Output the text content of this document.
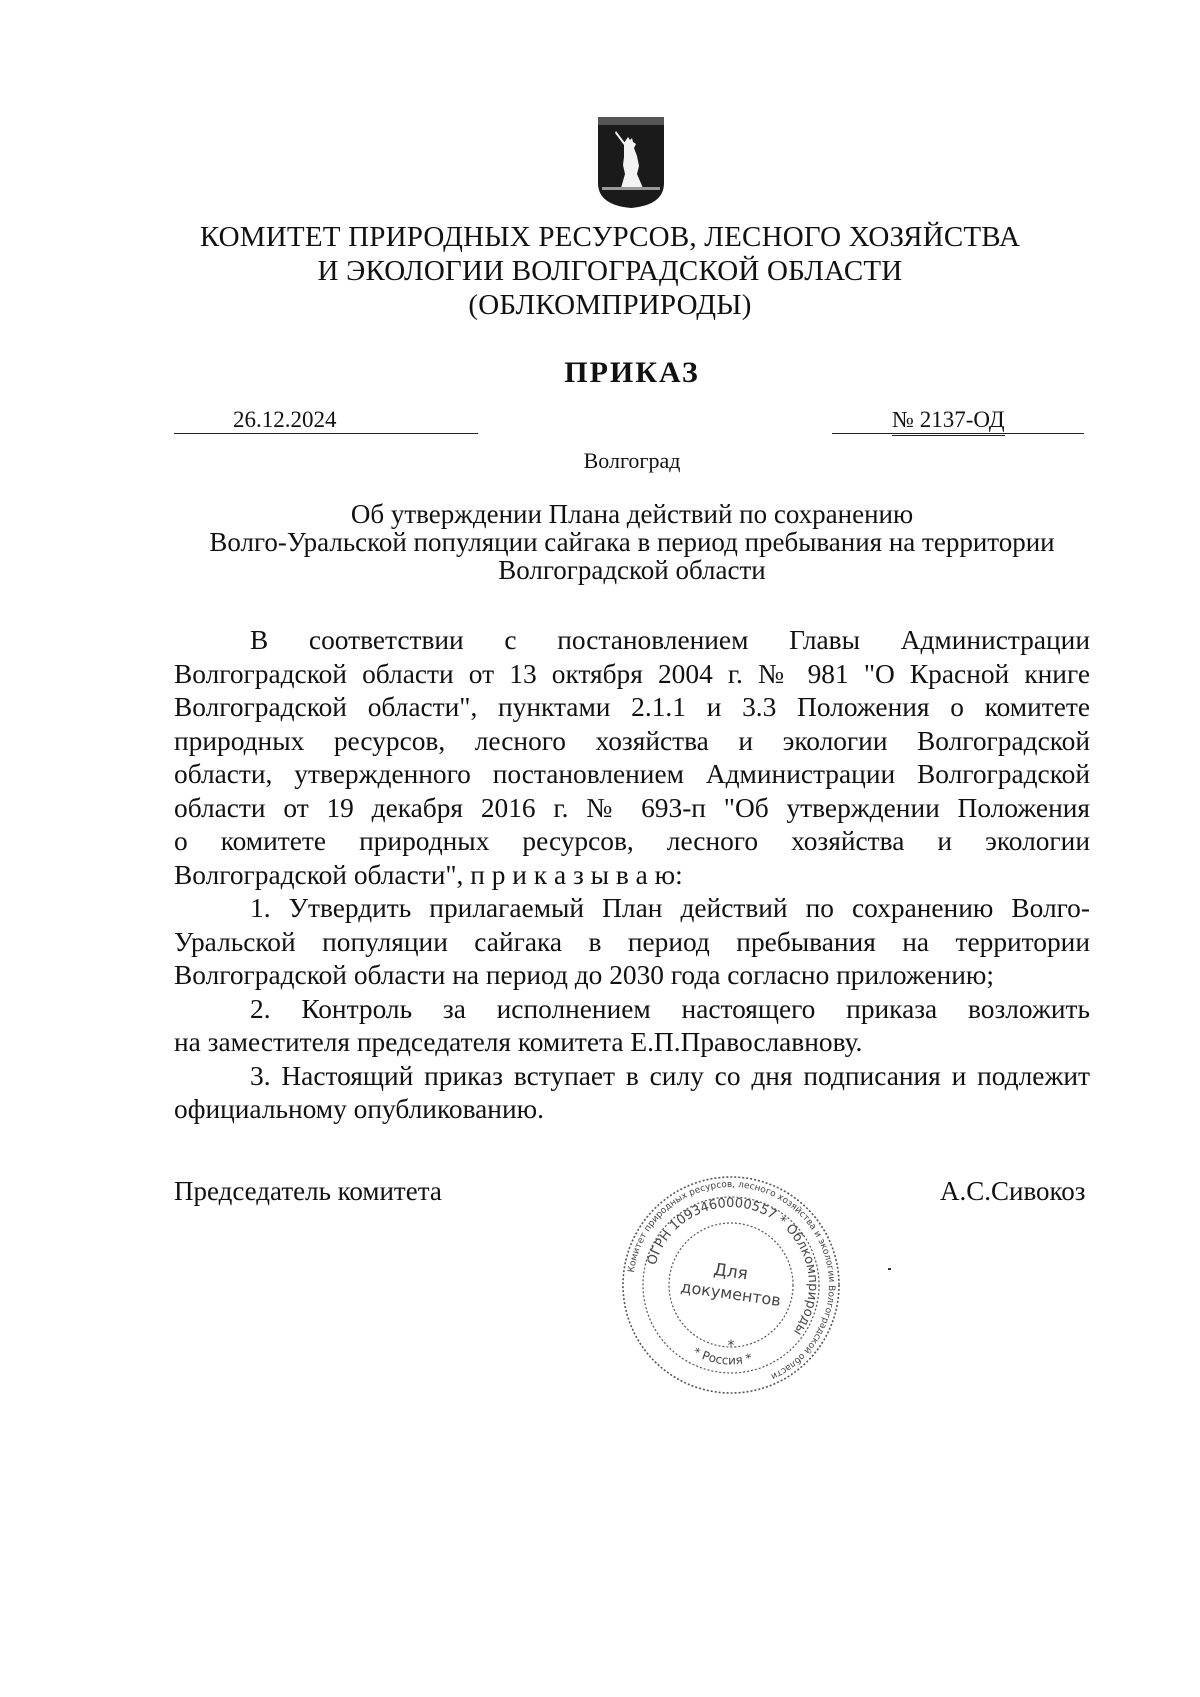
КОМИТЕТ ПРИРОДНЫХ РЕСУРСОВ, ЛЕСНОГО ХОЗЯЙСТВА
И ЭКОЛОГИИ ВОЛГОГРАДСКОЙ ОБЛАСТИ
(ОБЛКОМПРИРОДЫ)
ПРИКАЗ
26.12.2024	№ 2137-ОД
Волгоград
Об утверждении Плана действий по сохранению
Волго-Уральской популяции сайгака в период пребывания на территории
Волгоградской области
В соответствии с постановлением Главы Администрации
Волгоградской области от 13 октября 2004 г. № 981 "О Красной книге
Волгоградской области", пунктами 2.1.1 и 3.3 Положения о комитете
природных ресурсов, лесного хозяйства и экологии Волгоградской
области, утвержденного постановлением Администрации Волгоградской
области от 19 декабря 2016 г. № 693-п "Об утверждении Положения
о комитете природных ресурсов, лесного хозяйства и экологии
Волгоградской области", п р и к а з ы в а ю:
1. Утвердить прилагаемый План действий по сохранению Волго-
Уральской популяции сайгака в период пребывания на территории
Волгоградской области на период до 2030 года согласно приложению;
2. Контроль за исполнением настоящего приказа возложить
на заместителя председателя комитета Е.П.Православнову.
3. Настоящий приказ вступает в силу со дня подписания и подлежит
официальному опубликованию.
Председатель комитета	А.С.Сивокоз
Комитет природных ресурсов, лесного хозяйства и экологии Волгоградской области
ОГРН 1093460000557 * Облкомприроды
* Россия *
Для
документов
*
